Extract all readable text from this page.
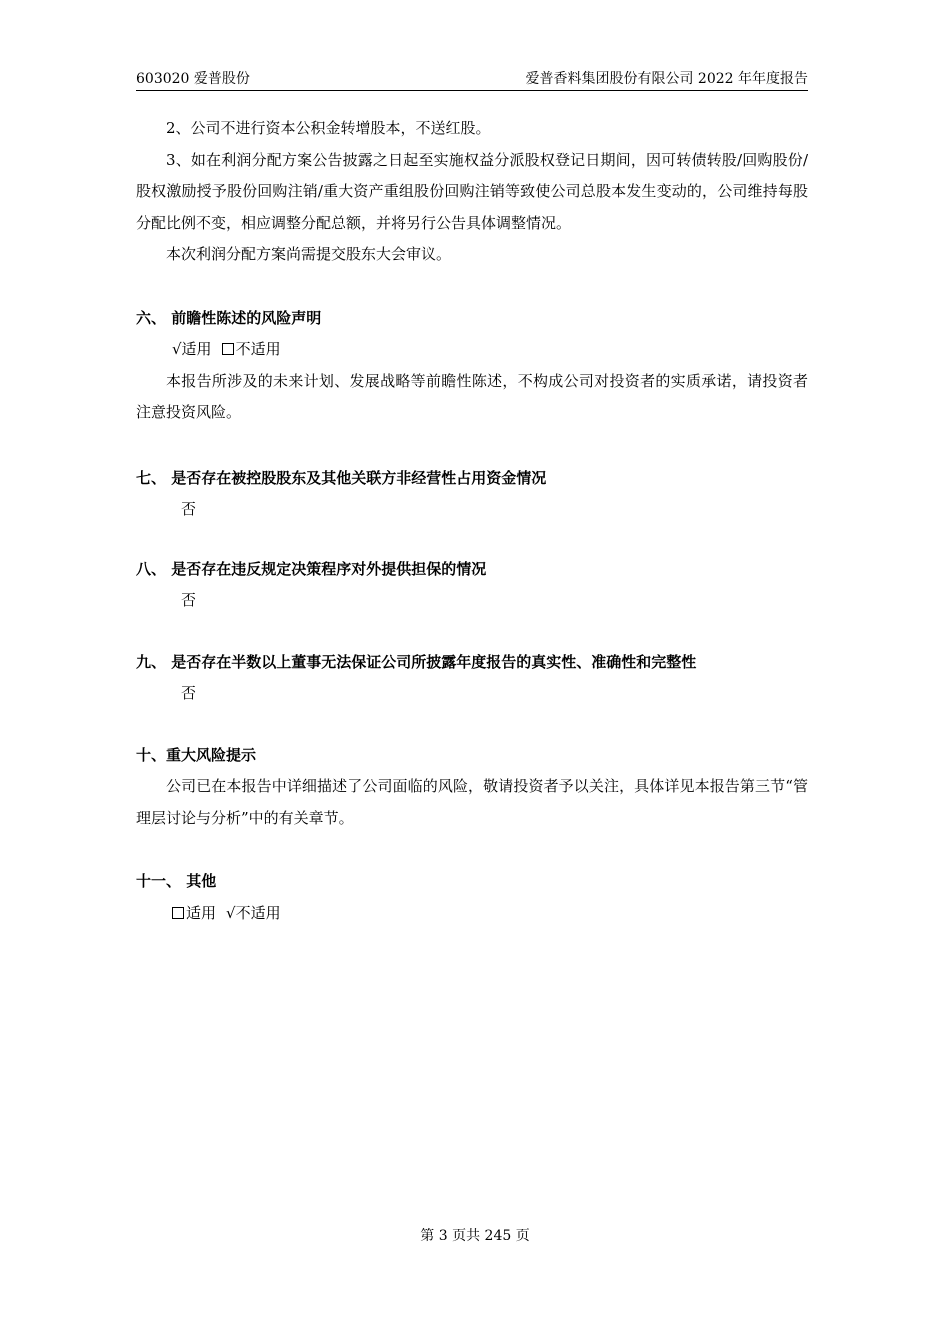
603020 爱普股份	爱普香料集团股份有限公司 2022 年年度报告

2、公司不进行资本公积金转增股本，不送红股。

3、如在利润分配方案公告披露之日起至实施权益分派股权登记日期间，因可转债转股/回购股份/股权激励授予股份回购注销/重大资产重组股份回购注销等致使公司总股本发生变动的，公司维持每股分配比例不变，相应调整分配总额，并将另行公告具体调整情况。

本次利润分配方案尚需提交股东大会审议。

六、 前瞻性陈述的风险声明

√适用 不适用

本报告所涉及的未来计划、发展战略等前瞻性陈述，不构成公司对投资者的实质承诺，请投资者注意投资风险。

七、 是否存在被控股股东及其他关联方非经营性占用资金情况

否

八、 是否存在违反规定决策程序对外提供担保的情况

否

九、 是否存在半数以上董事无法保证公司所披露年度报告的真实性、准确性和完整性

否

十、重大风险提示

公司已在本报告中详细描述了公司面临的风险，敬请投资者予以关注，具体详见本报告第三节“管理层讨论与分析”中的有关章节。

十一、 其他

适用 √不适用

第 3 页共 245 页
